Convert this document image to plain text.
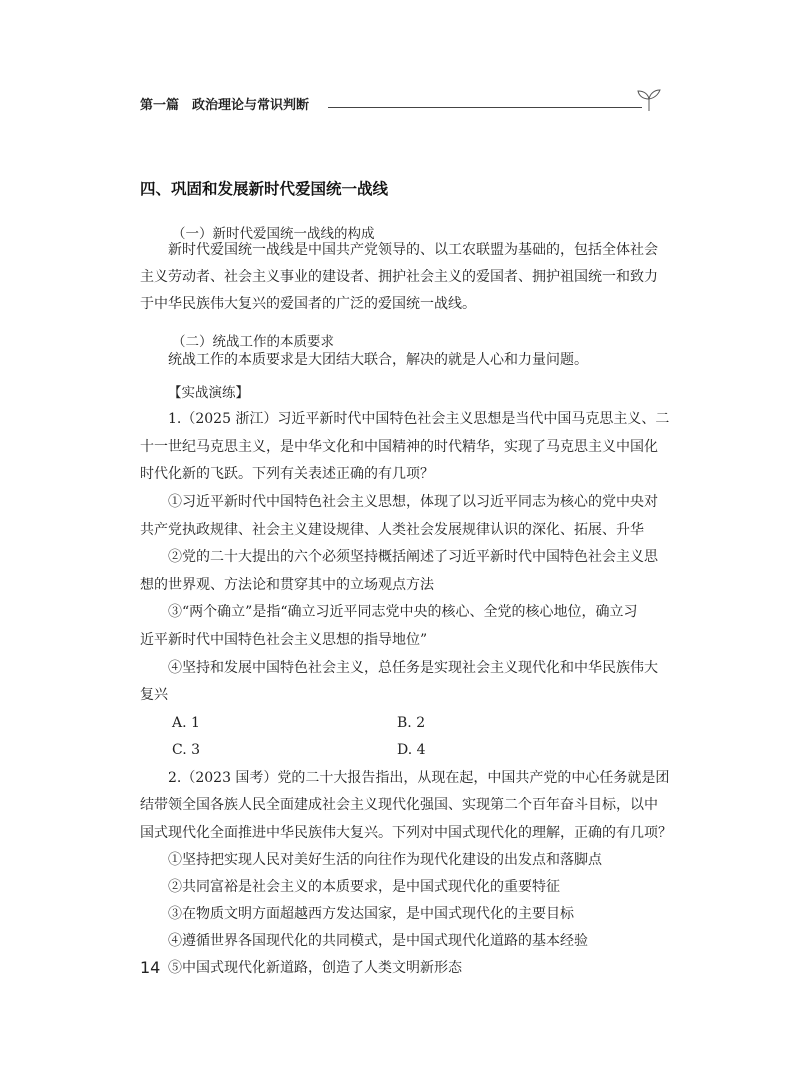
第一篇　政治理论与常识判断
四、巩固和发展新时代爱国统一战线
（一）新时代爱国统一战线的构成
新时代爱国统一战线是中国共产党领导的、以工农联盟为基础的，包括全体社会
主义劳动者、社会主义事业的建设者、拥护社会主义的爱国者、拥护祖国统一和致力
于中华民族伟大复兴的爱国者的广泛的爱国统一战线。
（二）统战工作的本质要求
统战工作的本质要求是大团结大联合，解决的就是人心和力量问题。
【实战演练】
1.（2025 浙江）习近平新时代中国特色社会主义思想是当代中国马克思主义、二
十一世纪马克思主义，是中华文化和中国精神的时代精华，实现了马克思主义中国化
时代化新的飞跃。下列有关表述正确的有几项？
①习近平新时代中国特色社会主义思想，体现了以习近平同志为核心的党中央对
共产党执政规律、社会主义建设规律、人类社会发展规律认识的深化、拓展、升华
②党的二十大提出的六个必须坚持概括阐述了习近平新时代中国特色社会主义思
想的世界观、方法论和贯穿其中的立场观点方法
③“两个确立”是指“确立习近平同志党中央的核心、全党的核心地位，确立习
近平新时代中国特色社会主义思想的指导地位”
④坚持和发展中国特色社会主义，总任务是实现社会主义现代化和中华民族伟大
复兴
A. 1	B. 2
C. 3	D. 4
2.（2023 国考）党的二十大报告指出，从现在起，中国共产党的中心任务就是团
结带领全国各族人民全面建成社会主义现代化强国、实现第二个百年奋斗目标，以中
国式现代化全面推进中华民族伟大复兴。下列对中国式现代化的理解，正确的有几项？
①坚持把实现人民对美好生活的向往作为现代化建设的出发点和落脚点
②共同富裕是社会主义的本质要求，是中国式现代化的重要特征
③在物质文明方面超越西方发达国家，是中国式现代化的主要目标
④遵循世界各国现代化的共同模式，是中国式现代化道路的基本经验
⑤中国式现代化新道路，创造了人类文明新形态
14
